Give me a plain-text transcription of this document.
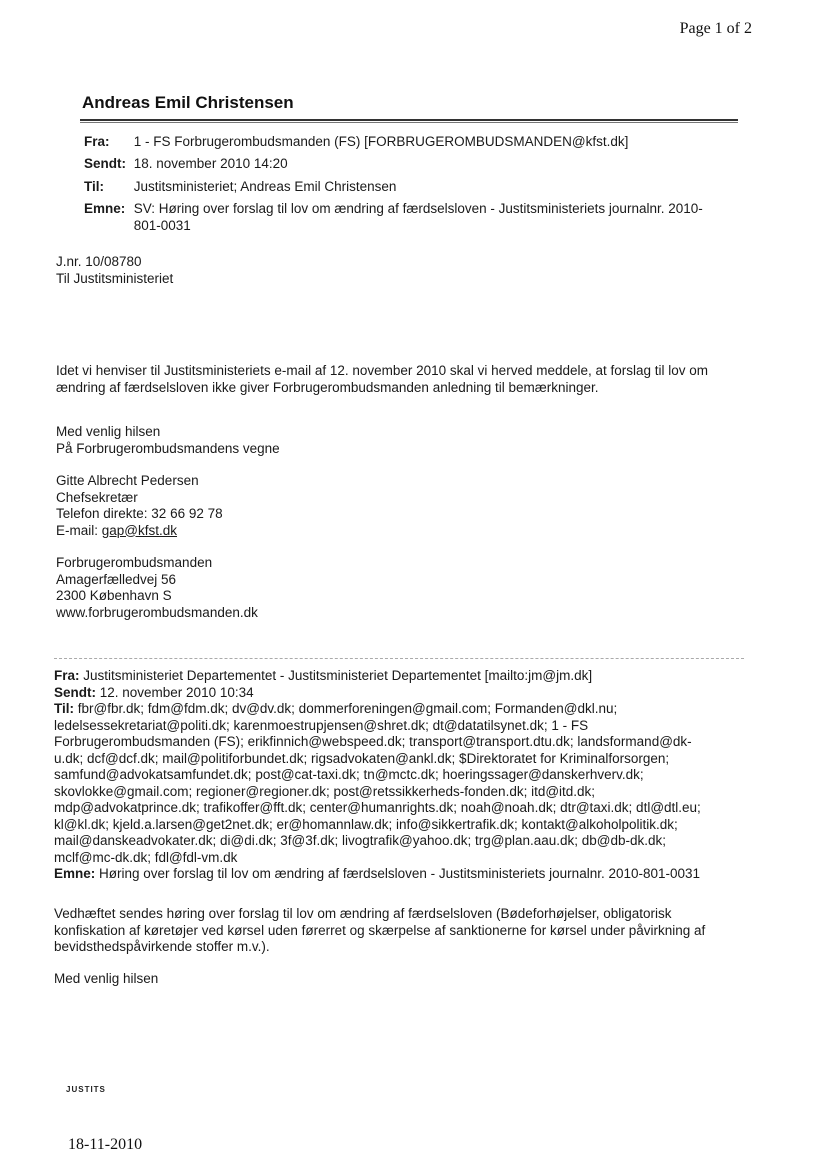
Page 1 of 2
Andreas Emil Christensen
Fra: 1 - FS Forbrugerombudsmanden (FS) [FORBRUGEROMBUDSMANDEN@kfst.dk]
Sendt: 18. november 2010 14:20
Til: Justitsministeriet; Andreas Emil Christensen
Emne: SV: Høring over forslag til lov om ændring af færdselsloven - Justitsministeriets journalnr. 2010-
801-0031
J.nr. 10/08780
Til Justitsministeriet
Idet vi henviser til Justitsministeriets e-mail af 12. november 2010 skal vi herved meddele, at forslag til lov om
ændring af færdselsloven ikke giver Forbrugerombudsmanden anledning til bemærkninger.
Med venlig hilsen
På Forbrugerombudsmandens vegne
Gitte Albrecht Pedersen
Chefsekretær
Telefon direkte: 32 66 92 78
E-mail: gap@kfst.dk
Forbrugerombudsmanden
Amagerfælledvej 56
2300 København S
www.forbrugerombudsmanden.dk
Fra: Justitsministeriet Departementet - Justitsministeriet Departementet [mailto:jm@jm.dk]
Sendt: 12. november 2010 10:34
Til: fbr@fbr.dk; fdm@fdm.dk; dv@dv.dk; dommerforeningen@gmail.com; Formanden@dkl.nu;
ledelsessekretariat@politi.dk; karenmoestrupjensen@shret.dk; dt@datatilsynet.dk; 1 - FS
Forbrugerombudsmanden (FS); erikfinnich@webspeed.dk; transport@transport.dtu.dk; landsformand@dk-
u.dk; dcf@dcf.dk; mail@politiforbundet.dk; rigsadvokaten@ankl.dk; $Direktoratet for Kriminalforsorgen;
samfund@advokatsamfundet.dk; post@cat-taxi.dk; tn@mctc.dk; hoeringssager@danskerhverv.dk;
skovlokke@gmail.com; regioner@regioner.dk; post@retssikkerheds-fonden.dk; itd@itd.dk;
mdp@advokatprince.dk; trafikoffer@fft.dk; center@humanrights.dk; noah@noah.dk; dtr@taxi.dk; dtl@dtl.eu;
kl@kl.dk; kjeld.a.larsen@get2net.dk; er@homannlaw.dk; info@sikkertrafik.dk; kontakt@alkoholpolitik.dk;
mail@danskeadvokater.dk; di@di.dk; 3f@3f.dk; livogtrafik@yahoo.dk; trg@plan.aau.dk; db@db-dk.dk;
mclf@mc-dk.dk; fdl@fdl-vm.dk
Emne: Høring over forslag til lov om ændring af færdselsloven - Justitsministeriets journalnr. 2010-801-0031
Vedhæftet sendes høring over forslag til lov om ændring af færdselsloven (Bødeforhøjelser, obligatorisk
konfiskation af køretøjer ved kørsel uden førerret og skærpelse af sanktionerne for kørsel under påvirkning af
bevidsthedspåvirkende stoffer m.v.).
Med venlig hilsen
JUSTITS
18-11-2010
